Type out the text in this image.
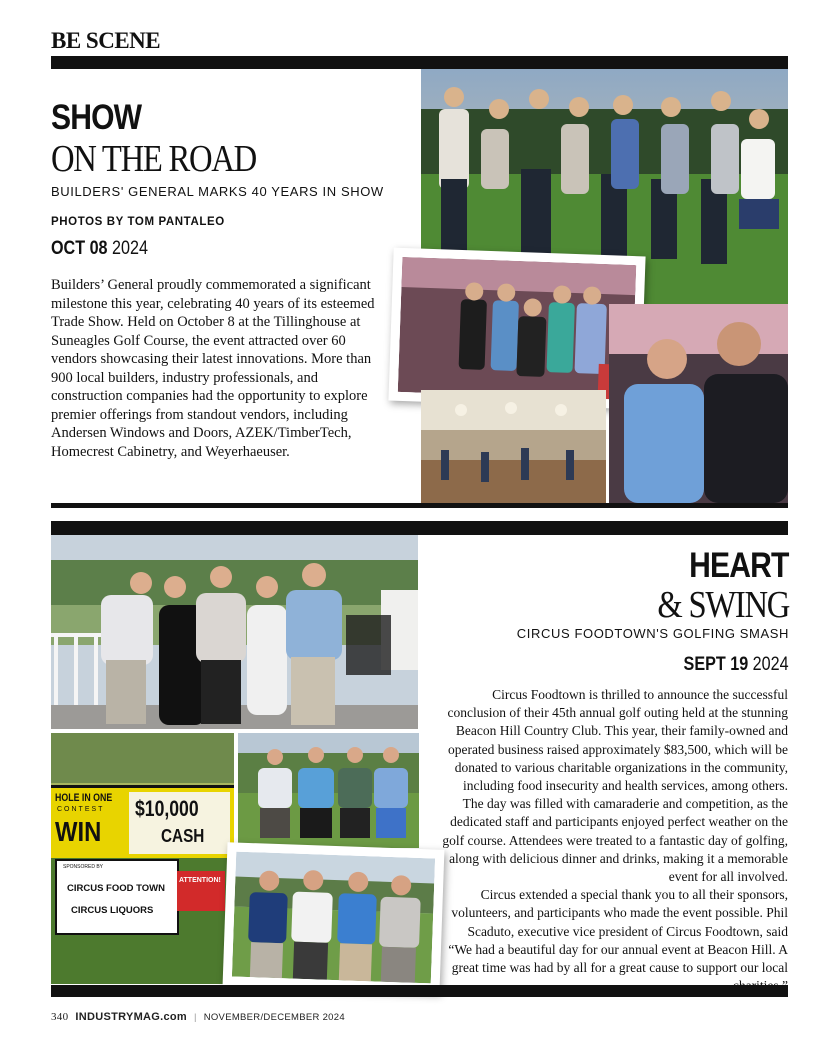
BE SCENE
SHOW
ON THE ROAD
BUILDERS' GENERAL MARKS 40 YEARS IN SHOW
PHOTOS BY TOM PANTALEO
OCT 08 2024
Builders’ General proudly commemorated a significant milestone this year, celebrating 40 years of its esteemed Trade Show. Held on October 8 at the Tillinghouse at Suneagles Golf Course, the event attracted over 60 vendors showcasing their latest innovations. More than 900 local builders, industry professionals, and construction companies had the opportunity to explore premier offerings from standout vendors, including Andersen Windows and Doors, AZEK/TimberTech, Homecrest Cabinetry, and Weyerhaeuser.
HOLE IN ONE
CONTEST
WIN
$10,000
CASH
SPONSORED BY
CIRCUS FOOD TOWN
CIRCUS LIQUORS
ATTENTION!
HEART
& SWING
CIRCUS FOODTOWN'S GOLFING SMASH
SEPT 19 2024

Circus Foodtown is thrilled to announce the successful conclusion of their 45th annual golf outing held at the stunning Beacon Hill Country Club. This year, their family-owned and operated business raised approximately $83,500, which will be donated to various charitable organizations in the community, including food insecurity and health services, among others. The day was filled with camaraderie and competition, as the dedicated staff and participants enjoyed perfect weather on the golf course. Attendees were treated to a fantastic day of golfing, along with delicious dinner and drinks, making it a memorable event for all involved.

Circus extended a special thank you to all their sponsors, volunteers, and participants who made the event possible. Phil Scaduto, executive vice president of Circus Foodtown, said “We had a beautiful day for our annual event at Beacon Hill. A great time was had by all for a great cause to support our local

340 INDUSTRYMAG.com | NOVEMBER/DECEMBER 2024
